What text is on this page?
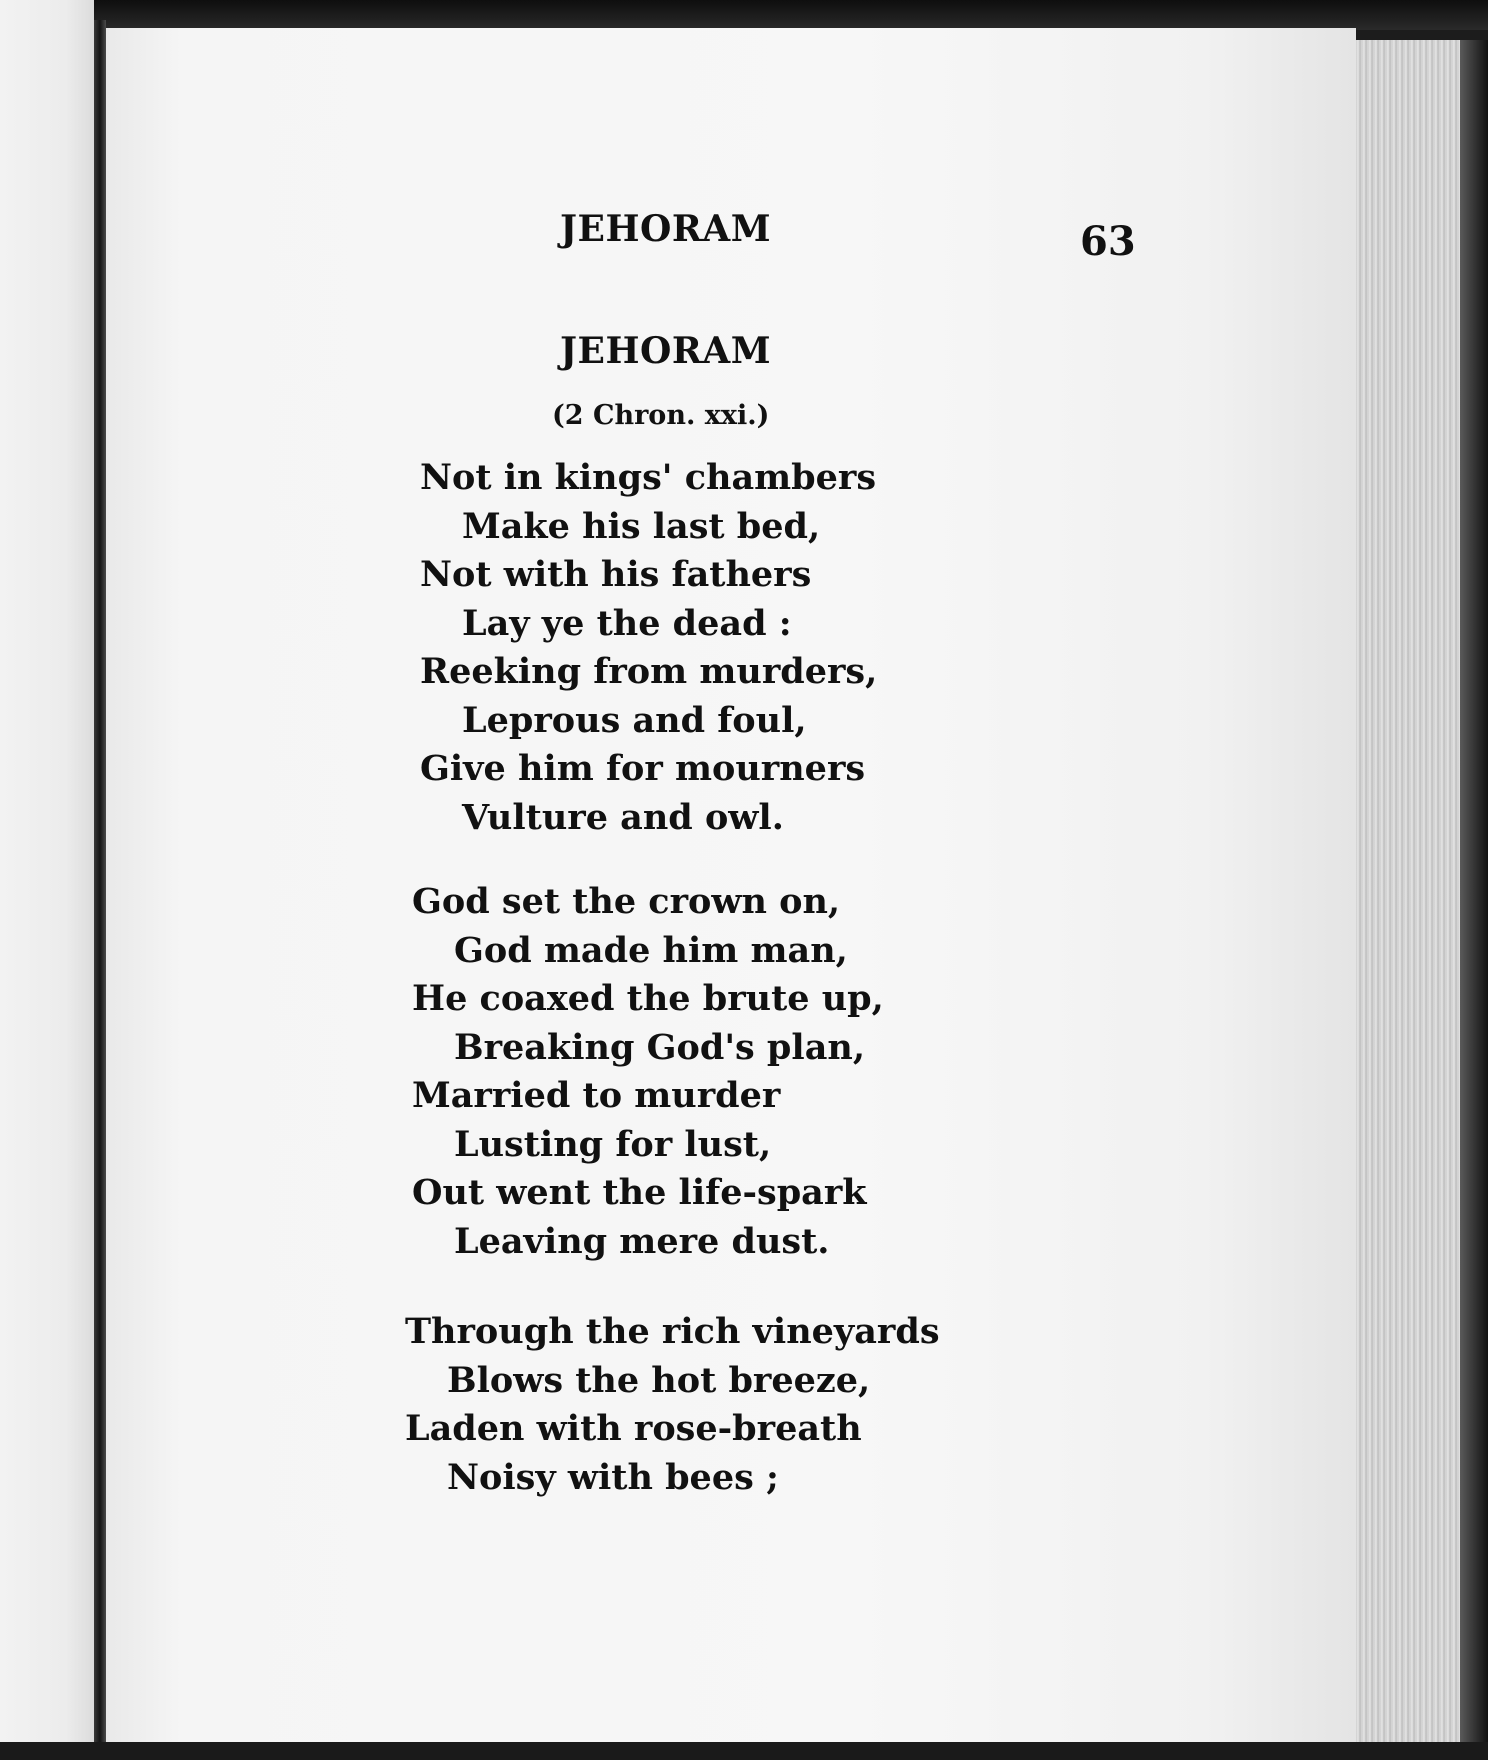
JEHORAM	63
JEHORAM
(2 Chron. xxi.)
Not in kings' chambers
Make his last bed,
Not with his fathers
Lay ye the dead :
Reeking from murders,
Leprous and foul,
Give him for mourners
Vulture and owl.
God set the crown on,
God made him man,
He coaxed the brute up,
Breaking God's plan,
Married to murder
Lusting for lust,
Out went the life-spark
Leaving mere dust.
Through the rich vineyards
Blows the hot breeze,
Laden with rose-breath
Noisy with bees ;
